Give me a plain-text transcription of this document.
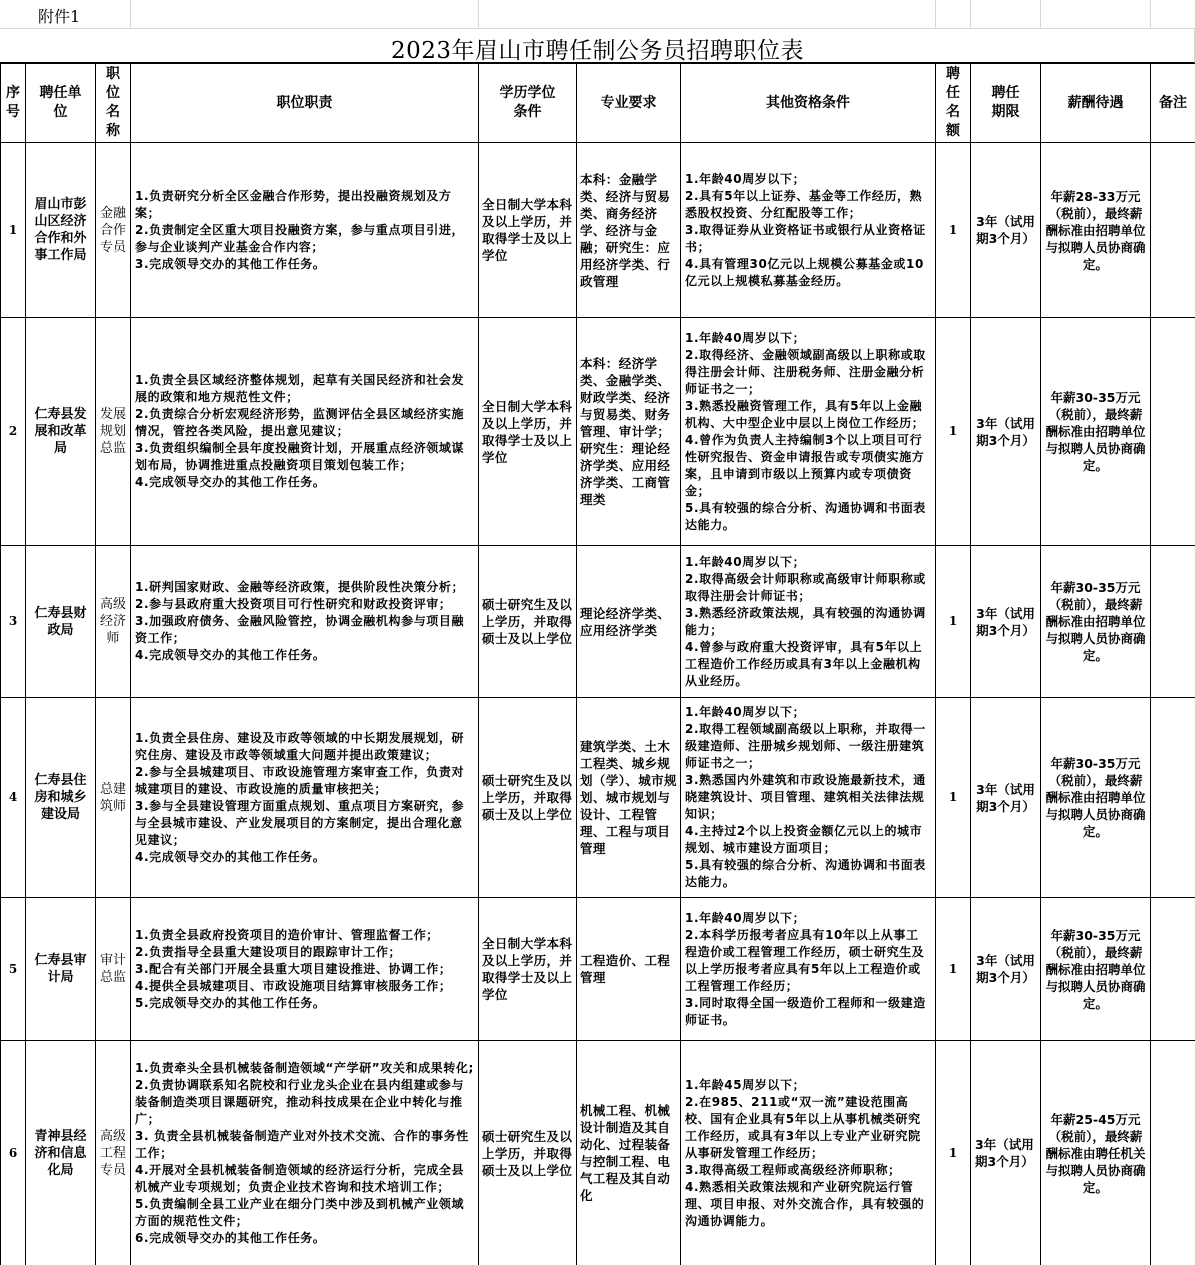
附件1
2023年眉山市聘任制公务员招聘职位表
序号	聘任单位	职位名称	职位职责	学历学位条件	专业要求	其他资格条件	聘任名额	聘任期限	薪酬待遇	备注
1	眉山市彭山区经济合作和外事工作局	金融合作专员	1.负责研究分析全区金融合作形势，提出投融资规划及方案；
2.负责制定全区重大项目投融资方案，参与重点项目引进，参与企业谈判产业基金合作内容；
3.完成领导交办的其他工作任务。	全日制大学本科及以上学历，并取得学士及以上学位	本科：金融学类、经济与贸易类、商务经济学、经济与金融；研究生：应用经济学类、行政管理	1.年龄40周岁以下；
2.具有5年以上证券、基金等工作经历，熟悉股权投资、分红配股等工作；
3.取得证券从业资格证书或银行从业资格证书；
4.具有管理30亿元以上规模公募基金或10亿元以上规模私募基金经历。	1	3年（试用期3个月）	年薪28-33万元（税前），最终薪酬标准由招聘单位与拟聘人员协商确定。	
2	仁寿县发展和改革局	发展规划总监	1.负责全县区域经济整体规划，起草有关国民经济和社会发展的政策和地方规范性文件；
2.负责综合分析宏观经济形势，监测评估全县区域经济实施情况，管控各类风险，提出意见建议；
3.负责组织编制全县年度投融资计划，开展重点经济领域谋划布局，协调推进重点投融资项目策划包装工作；
4.完成领导交办的其他工作任务。	全日制大学本科及以上学历，并取得学士及以上学位	本科：经济学类、金融学类、财政学类、经济与贸易类、财务管理、审计学；研究生：理论经济学类、应用经济学类、工商管理类	1.年龄40周岁以下；
2.取得经济、金融领域副高级以上职称或取得注册会计师、注册税务师、注册金融分析师证书之一；
3.熟悉投融资管理工作，具有5年以上金融机构、大中型企业中层以上岗位工作经历；
4.曾作为负责人主持编制3个以上项目可行性研究报告、资金申请报告或专项债实施方案，且申请到市级以上预算内或专项债资金；
5.具有较强的综合分析、沟通协调和书面表达能力。	1	3年（试用期3个月）	年薪30-35万元（税前），最终薪酬标准由招聘单位与拟聘人员协商确定。	
3	仁寿县财政局	高级经济师	1.研判国家财政、金融等经济政策，提供阶段性决策分析；
2.参与县政府重大投资项目可行性研究和财政投资评审；
3.加强政府债务、金融风险管控，协调金融机构参与项目融资工作；
4.完成领导交办的其他工作任务。	硕士研究生及以上学历，并取得硕士及以上学位	理论经济学类、应用经济学类	1.年龄40周岁以下；
2.取得高级会计师职称或高级审计师职称或取得注册会计师证书；
3.熟悉经济政策法规，具有较强的沟通协调能力；
4.曾参与政府重大投资评审，具有5年以上工程造价工作经历或具有3年以上金融机构从业经历。	1	3年（试用期3个月）	年薪30-35万元（税前），最终薪酬标准由招聘单位与拟聘人员协商确定。	
4	仁寿县住房和城乡建设局	总建筑师	1.负责全县住房、建设及市政等领域的中长期发展规划，研究住房、建设及市政等领域重大问题并提出政策建议；
2.参与全县城建项目、市政设施管理方案审查工作，负责对城建项目的建设、市政设施的质量审核把关；
3.参与全县建设管理方面重点规划、重点项目方案研究，参与全县城市建设、产业发展项目的方案制定，提出合理化意见建议；
4.完成领导交办的其他工作任务。	硕士研究生及以上学历，并取得硕士及以上学位	建筑学类、土木工程类、城乡规划（学）、城市规划、城市规划与设计、工程管理、工程与项目管理	1.年龄40周岁以下；
2.取得工程领域副高级以上职称，并取得一级建造师、注册城乡规划师、一级注册建筑师证书之一；
3.熟悉国内外建筑和市政设施最新技术，通晓建筑设计、项目管理、建筑相关法律法规知识；
4.主持过2个以上投资金额亿元以上的城市规划、城市建设方面项目；
5.具有较强的综合分析、沟通协调和书面表达能力。	1	3年（试用期3个月）	年薪30-35万元（税前），最终薪酬标准由招聘单位与拟聘人员协商确定。	
5	仁寿县审计局	审计总监	1.负责全县政府投资项目的造价审计、管理监督工作；
2.负责指导全县重大建设项目的跟踪审计工作；
3.配合有关部门开展全县重大项目建设推进、协调工作；
4.提供全县城建项目、市政设施项目结算审核服务工作；
5.完成领导交办的其他工作任务。	全日制大学本科及以上学历，并取得学士及以上学位	工程造价、工程管理	1.年龄40周岁以下；
2.本科学历报考者应具有10年以上从事工程造价或工程管理工作经历，硕士研究生及以上学历报考者应具有5年以上工程造价或工程管理工作经历；
3.同时取得全国一级造价工程师和一级建造师证书。	1	3年（试用期3个月）	年薪30-35万元（税前），最终薪酬标准由招聘单位与拟聘人员协商确定。	
6	青神县经济和信息化局	高级工程专员	
1.负责牵头全县机械装备制造领域“产学研”攻关和成果转化;
2.负责协调联系知名院校和行业龙头企业在县内组建或参与装备制造类项目课题研究，推动科技成果在企业中转化与推广；
3. 负责全县机械装备制造产业对外技术交流、合作的事务性工作；
4.开展对全县机械装备制造领域的经济运行分析，完成全县机械产业专项规划；负责企业技术咨询和技术培训工作；
5.负责编制全县工业产业在细分门类中涉及到机械产业领域方面的规范性文件；
6.完成领导交办的其他工作任务。
	硕士研究生及以上学历，并取得硕士及以上学位	机械工程、机械设计制造及其自动化、过程装备与控制工程、电气工程及其自动化	
1.年龄45周岁以下；
2.在985、211或“双一流”建设范围高校、国有企业具有5年以上从事机械类研究工作经历，或具有3年以上专业产业研究院从事研发管理工作经历；
3.取得高级工程师或高级经济师职称；
4.熟悉相关政策法规和产业研究院运行管理、项目申报、对外交流合作，具有较强的沟通协调能力。
	1	3年（试用期3个月）	年薪25-45万元（税前），最终薪酬标准由聘任机关与拟聘人员协商确定。	
